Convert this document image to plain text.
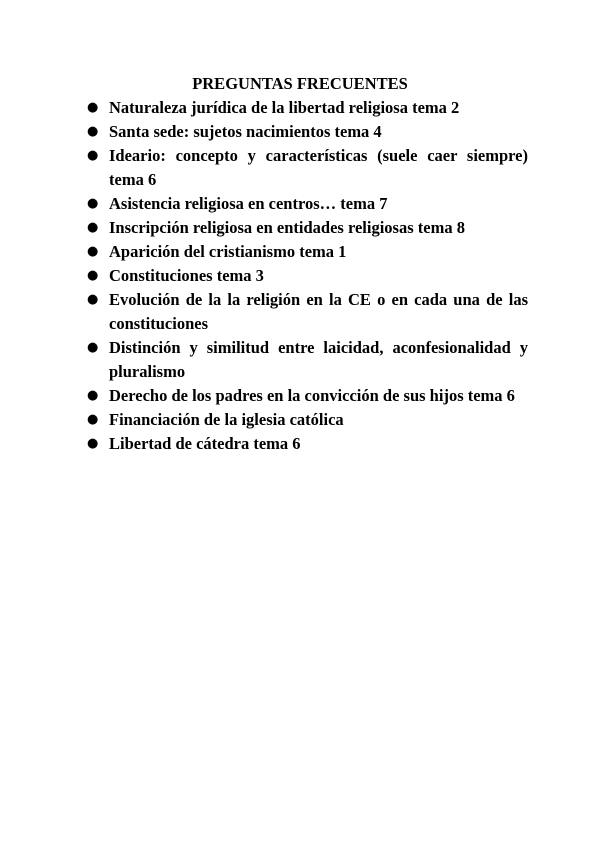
PREGUNTAS FRECUENTES
● Naturaleza jurídica de la libertad religiosa tema 2
● Santa sede: sujetos nacimientos tema 4
● Ideario: concepto y características (suele caer siempre) tema 6
● Asistencia religiosa en centros… tema 7
● Inscripción religiosa en entidades religiosas tema 8
● Aparición del cristianismo tema 1
● Constituciones tema 3
● Evolución de la la religión en la CE o en cada una de las constituciones
● Distinción y similitud entre laicidad, aconfesionalidad y pluralismo
● Derecho de los padres en la convicción de sus hijos tema 6
● Financiación de la iglesia católica
● Libertad de cátedra tema 6
